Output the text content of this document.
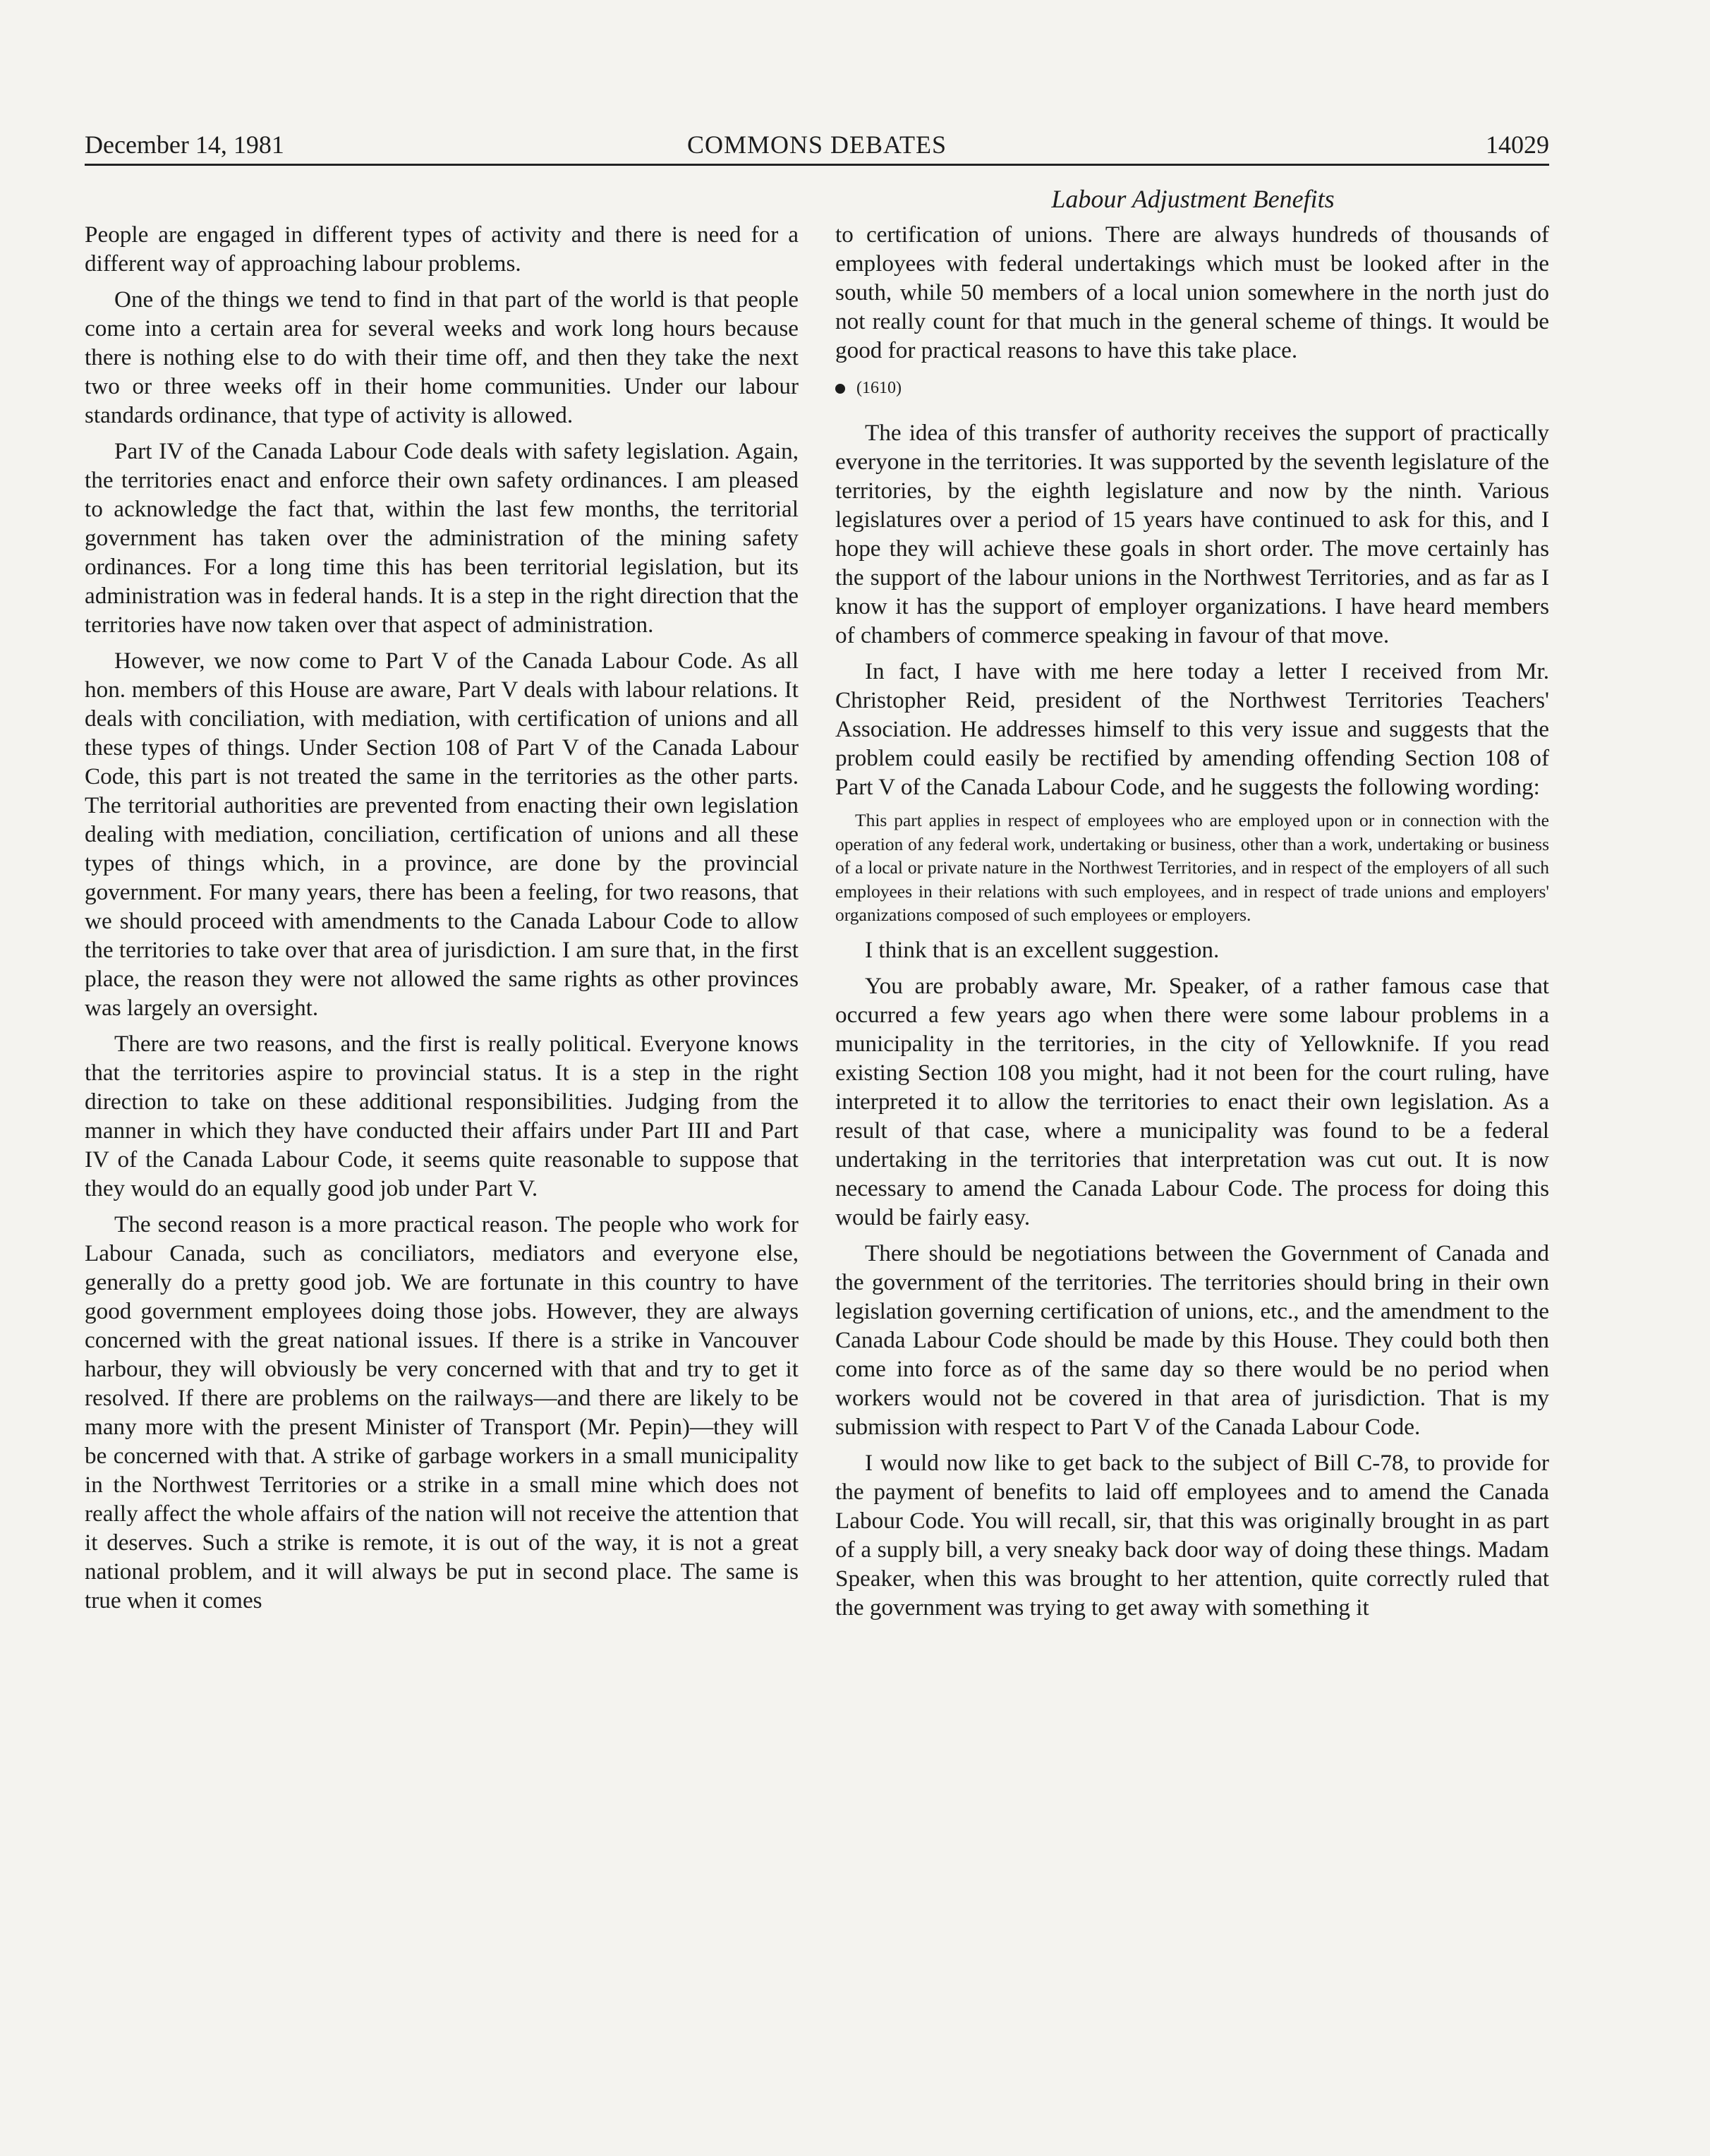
December 14, 1981	COMMONS DEBATES	14029
Labour Adjustment Benefits

People are engaged in different types of activity and there is need for a different way of approaching labour problems.

One of the things we tend to find in that part of the world is that people come into a certain area for several weeks and work long hours because there is nothing else to do with their time off, and then they take the next two or three weeks off in their home communities. Under our labour standards ordinance, that type of activity is allowed.

Part IV of the Canada Labour Code deals with safety legislation. Again, the territories enact and enforce their own safety ordinances. I am pleased to acknowledge the fact that, within the last few months, the territorial government has taken over the administration of the mining safety ordinances. For a long time this has been territorial legislation, but its administration was in federal hands. It is a step in the right direction that the territories have now taken over that aspect of administration.

However, we now come to Part V of the Canada Labour Code. As all hon. members of this House are aware, Part V deals with labour relations. It deals with conciliation, with mediation, with certification of unions and all these types of things. Under Section 108 of Part V of the Canada Labour Code, this part is not treated the same in the territories as the other parts. The territorial authorities are prevented from enacting their own legislation dealing with mediation, conciliation, certification of unions and all these types of things which, in a province, are done by the provincial government. For many years, there has been a feeling, for two reasons, that we should proceed with amendments to the Canada Labour Code to allow the territories to take over that area of jurisdiction. I am sure that, in the first place, the reason they were not allowed the same rights as other provinces was largely an oversight.

There are two reasons, and the first is really political. Everyone knows that the territories aspire to provincial status. It is a step in the right direction to take on these additional responsibilities. Judging from the manner in which they have conducted their affairs under Part III and Part IV of the Canada Labour Code, it seems quite reasonable to suppose that they would do an equally good job under Part V.

The second reason is a more practical reason. The people who work for Labour Canada, such as conciliators, mediators and everyone else, generally do a pretty good job. We are fortunate in this country to have good government employees doing those jobs. However, they are always concerned with the great national issues. If there is a strike in Vancouver harbour, they will obviously be very concerned with that and try to get it resolved. If there are problems on the railways—and there are likely to be many more with the present Minister of Transport (Mr. Pepin)—they will be concerned with that. A strike of garbage workers in a small municipality in the Northwest Territories or a strike in a small mine which does not really affect the whole affairs of the nation will not receive the attention that it deserves. Such a strike is remote, it is out of the way, it is not a great national problem, and it will always be put in second place. The same is true when it comes

to certification of unions. There are always hundreds of thousands of employees with federal undertakings which must be looked after in the south, while 50 members of a local union somewhere in the north just do not really count for that much in the general scheme of things. It would be good for practical reasons to have this take place.

(1610)

The idea of this transfer of authority receives the support of practically everyone in the territories. It was supported by the seventh legislature of the territories, by the eighth legislature and now by the ninth. Various legislatures over a period of 15 years have continued to ask for this, and I hope they will achieve these goals in short order. The move certainly has the support of the labour unions in the Northwest Territories, and as far as I know it has the support of employer organizations. I have heard members of chambers of commerce speaking in favour of that move.

In fact, I have with me here today a letter I received from Mr. Christopher Reid, president of the Northwest Territories Teachers' Association. He addresses himself to this very issue and suggests that the problem could easily be rectified by amending offending Section 108 of Part V of the Canada Labour Code, and he suggests the following wording:

This part applies in respect of employees who are employed upon or in connection with the operation of any federal work, undertaking or business, other than a work, undertaking or business of a local or private nature in the Northwest Territories, and in respect of the employers of all such employees in their relations with such employees, and in respect of trade unions and employers' organizations composed of such employees or employers.

I think that is an excellent suggestion.

You are probably aware, Mr. Speaker, of a rather famous case that occurred a few years ago when there were some labour problems in a municipality in the territories, in the city of Yellowknife. If you read existing Section 108 you might, had it not been for the court ruling, have interpreted it to allow the territories to enact their own legislation. As a result of that case, where a municipality was found to be a federal undertaking in the territories that interpretation was cut out. It is now necessary to amend the Canada Labour Code. The process for doing this would be fairly easy.

There should be negotiations between the Government of Canada and the government of the territories. The territories should bring in their own legislation governing certification of unions, etc., and the amendment to the Canada Labour Code should be made by this House. They could both then come into force as of the same day so there would be no period when workers would not be covered in that area of jurisdiction. That is my submission with respect to Part V of the Canada Labour Code.

I would now like to get back to the subject of Bill C-78, to provide for the payment of benefits to laid off employees and to amend the Canada Labour Code. You will recall, sir, that this was originally brought in as part of a supply bill, a very sneaky back door way of doing these things. Madam Speaker, when this was brought to her attention, quite correctly ruled that the government was trying to get away with something it
